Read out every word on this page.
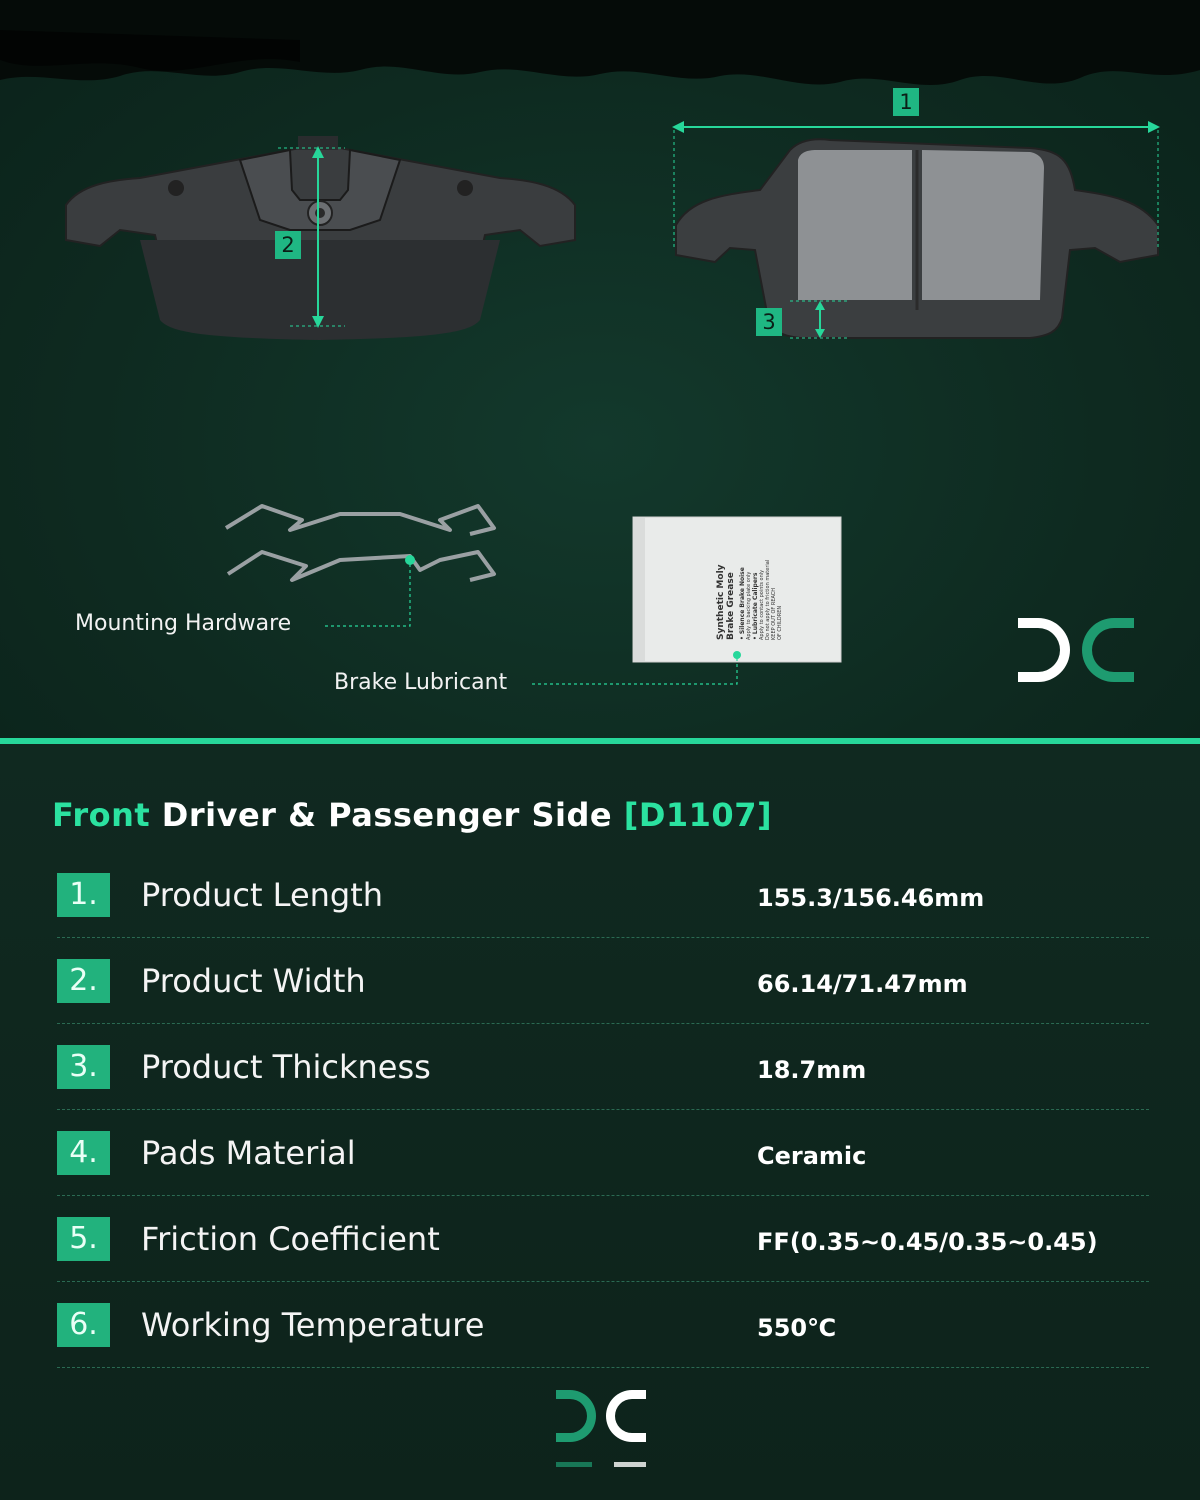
Synthetic Moly Brake Grease • Silence Brake Noise Apply to backing plate only • Lubricate Calipers Apply to contact points only Do not apply to friction material KEEP OUT OF REACH OF CHILDREN
1
2
3
Mounting Hardware
Brake Lubricant
Front Driver & Passenger Side [D1107]
1.	Product Length	155.3/156.46mm
2.	Product Width	66.14/71.47mm
3.	Product Thickness	18.7mm
4.	Pads Material	Ceramic
5.	Friction Coefficient	FF(0.35~0.45/0.35~0.45)
6.	Working Temperature	550℃
